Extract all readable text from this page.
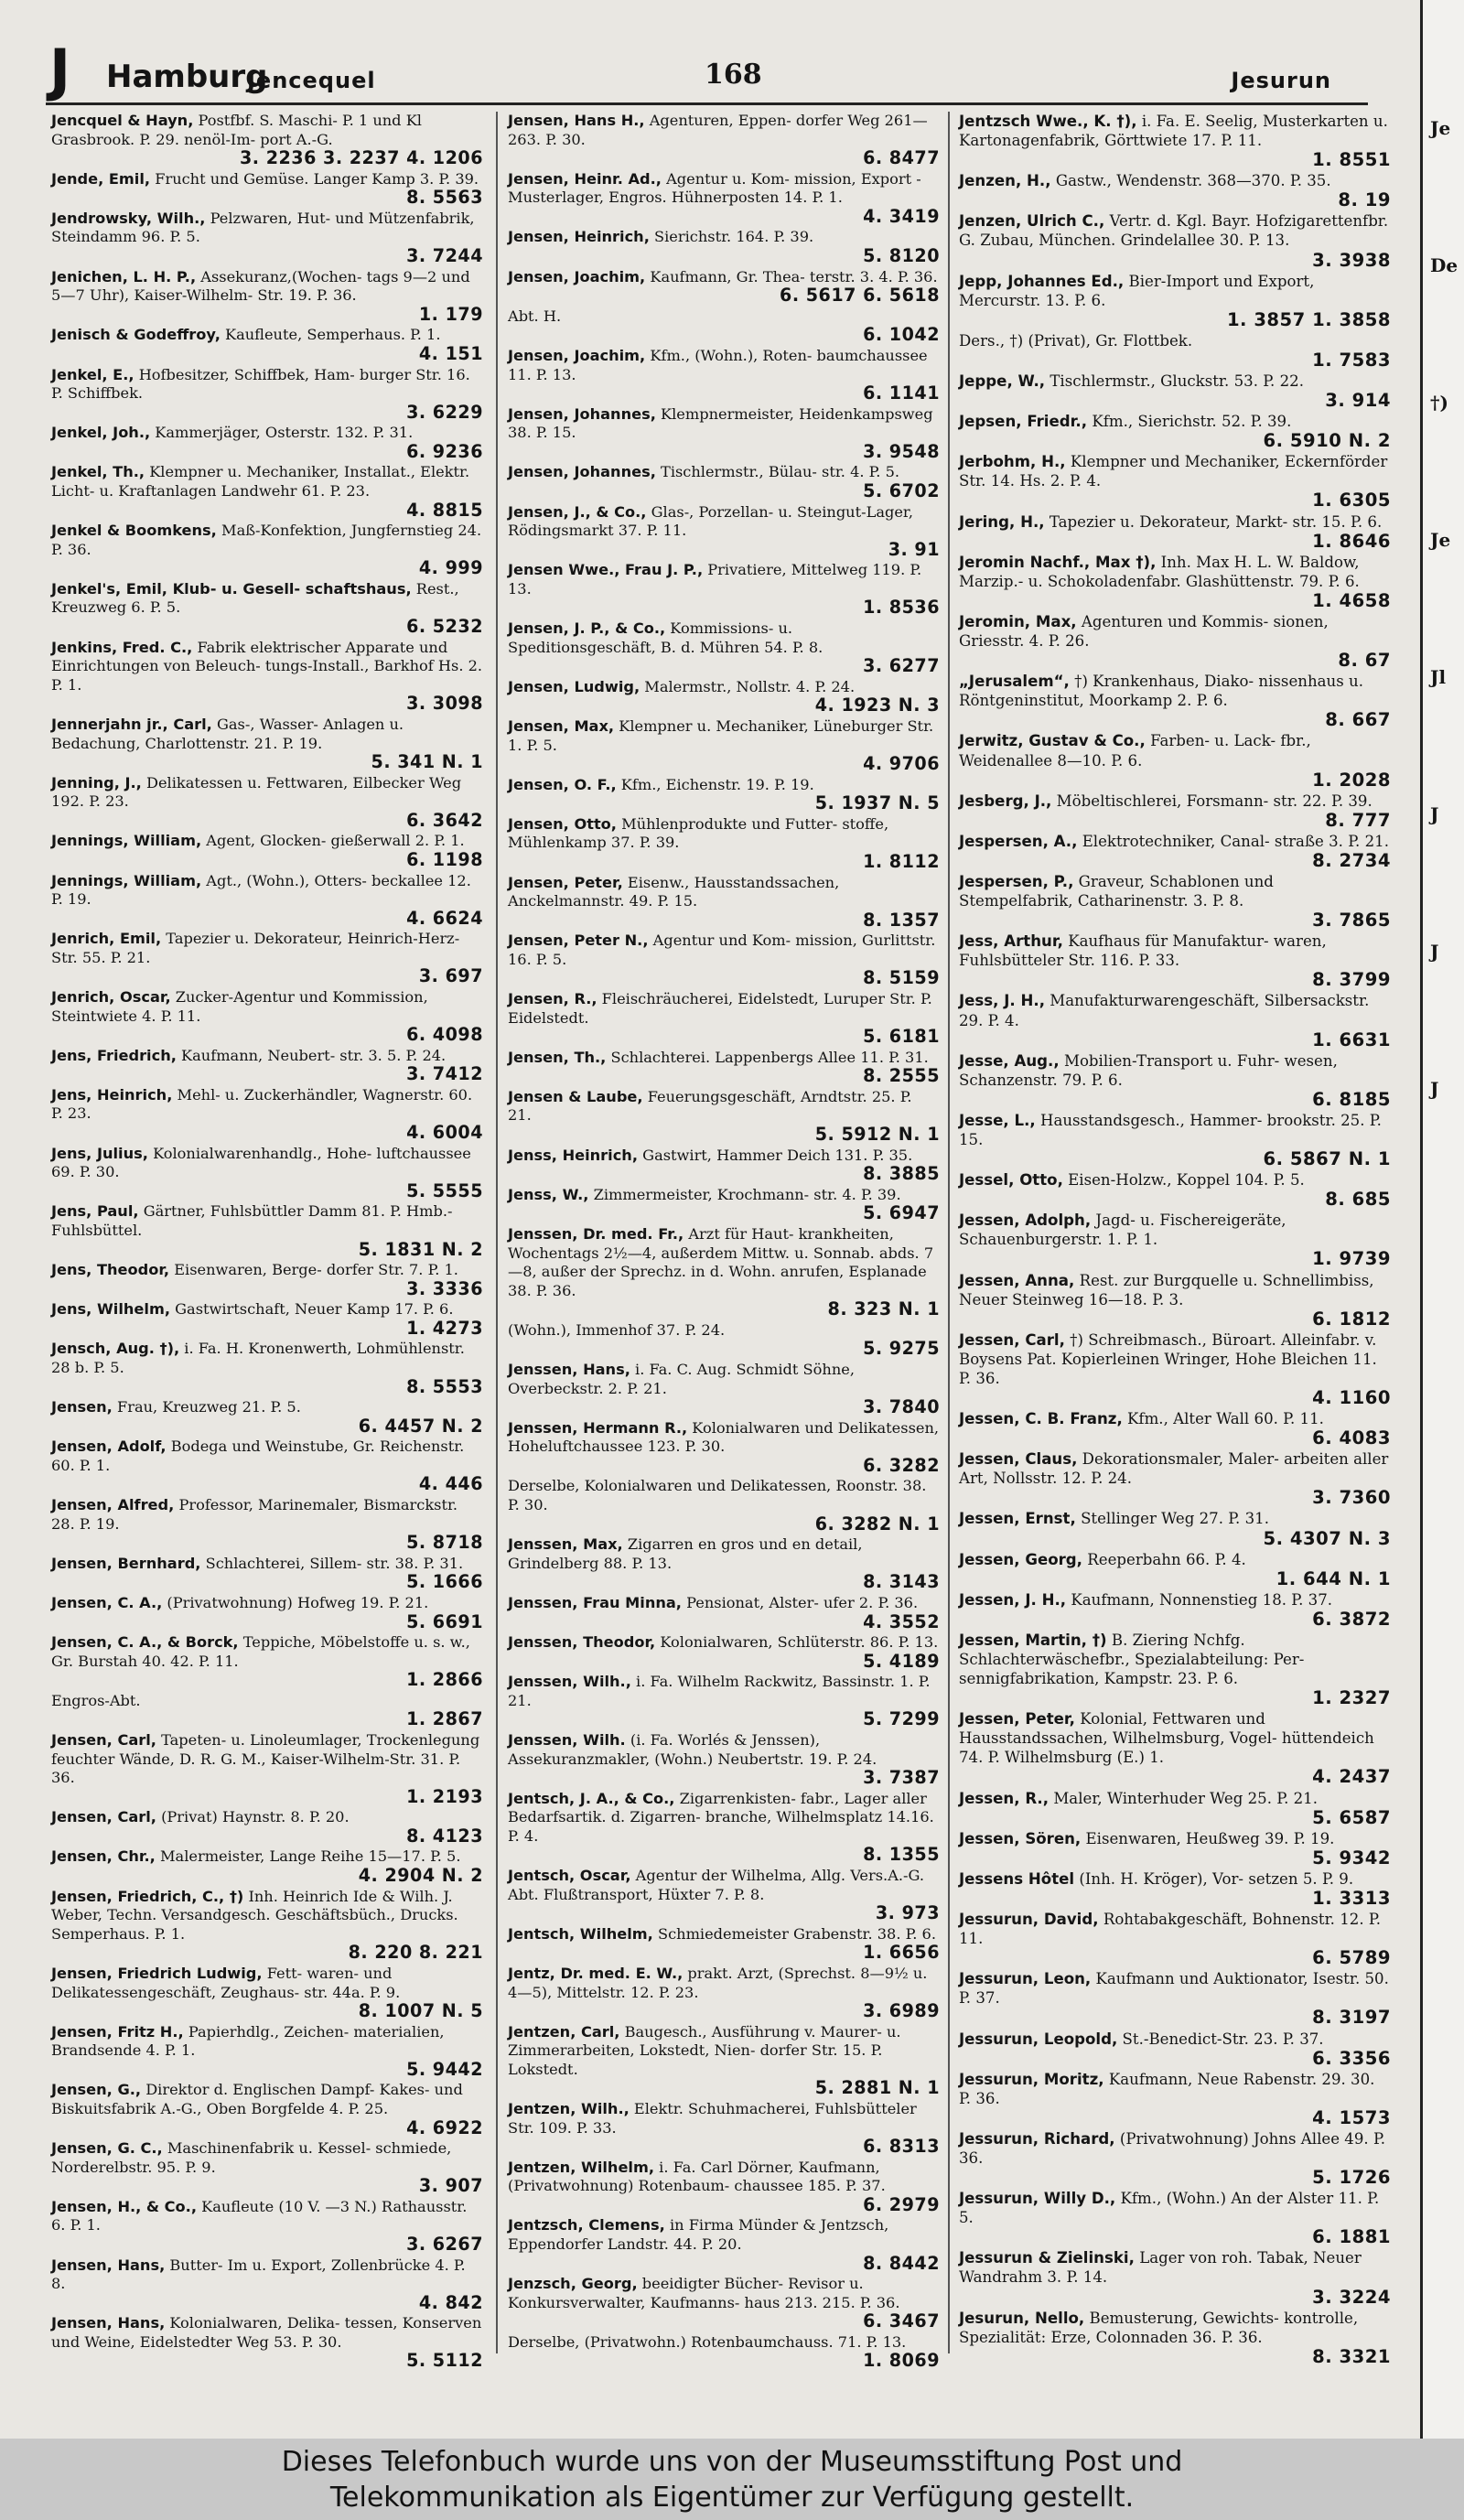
J Hamburg
Jencequel	168	Jesurun
Jencquel & Hayn, Postfbf. S. Maschi- P. 1 und Kl Grasbrook. P. 29. nenöl-Im- port A.-G.
3. 2236 3. 2237 4. 1206
Jende, Emil, Frucht und Gemüse. Langer Kamp 3. P. 39.
8. 5563
Jendrowsky, Wilh., Pelzwaren, Hut- und Mützenfabrik, Steindamm 96. P. 5.
3. 7244
Jenichen, L. H. P., Assekuranz,(Wochen- tags 9—2 und 5—7 Uhr), Kaiser-Wilhelm- Str. 19. P. 36.
1. 179
Jenisch & Godeffroy, Kaufleute, Semperhaus. P. 1.
4. 151
Jenkel, E., Hofbesitzer, Schiffbek, Ham- burger Str. 16. P. Schiffbek.
3. 6229
Jenkel, Joh., Kammerjäger, Osterstr. 132. P. 31.
6. 9236
Jenkel, Th., Klempner u. Mechaniker, Installat., Elektr. Licht- u. Kraftanlagen Landwehr 61. P. 23.
4. 8815
Jenkel & Boomkens, Maß-Konfektion, Jungfernstieg 24. P. 36.
4. 999
Jenkel's, Emil, Klub- u. Gesell- schaftshaus, Rest., Kreuzweg 6. P. 5.
6. 5232
Jenkins, Fred. C., Fabrik elektrischer Apparate und Einrichtungen von Beleuch- tungs-Install., Barkhof Hs. 2. P. 1.
3. 3098
Jennerjahn jr., Carl, Gas-, Wasser- Anlagen u. Bedachung, Charlottenstr. 21. P. 19.
5. 341 N. 1
Jenning, J., Delikatessen u. Fettwaren, Eilbecker Weg 192. P. 23.
6. 3642
Jennings, William, Agent, Glocken- gießerwall 2. P. 1.
6. 1198
Jennings, William, Agt., (Wohn.), Otters- beckallee 12. P. 19.
4. 6624
Jenrich, Emil, Tapezier u. Dekorateur, Heinrich-Herz-Str. 55. P. 21.
3. 697
Jenrich, Oscar, Zucker-Agentur und Kommission, Steintwiete 4. P. 11.
6. 4098
Jens, Friedrich, Kaufmann, Neubert- str. 3. 5. P. 24.
3. 7412
Jens, Heinrich, Mehl- u. Zuckerhändler, Wagnerstr. 60. P. 23.
4. 6004
Jens, Julius, Kolonialwarenhandlg., Hohe- luftchaussee 69. P. 30.
5. 5555
Jens, Paul, Gärtner, Fuhlsbüttler Damm 81. P. Hmb.-Fuhlsbüttel.
5. 1831 N. 2
Jens, Theodor, Eisenwaren, Berge- dorfer Str. 7. P. 1.
3. 3336
Jens, Wilhelm, Gastwirtschaft, Neuer Kamp 17. P. 6.
1. 4273
Jensch, Aug. †), i. Fa. H. Kronenwerth, Lohmühlenstr. 28 b. P. 5.
8. 5553
Jensen, Frau, Kreuzweg 21. P. 5.
6. 4457 N. 2
Jensen, Adolf, Bodega und Weinstube, Gr. Reichenstr. 60. P. 1.
4. 446
Jensen, Alfred, Professor, Marinemaler, Bismarckstr. 28. P. 19.
5. 8718
Jensen, Bernhard, Schlachterei, Sillem- str. 38. P. 31.
5. 1666
Jensen, C. A., (Privatwohnung) Hofweg 19. P. 21.
5. 6691
Jensen, C. A., & Borck, Teppiche, Möbelstoffe u. s. w., Gr. Burstah 40. 42. P. 11.
1. 2866
Engros-Abt.
1. 2867
Jensen, Carl, Tapeten- u. Linoleumlager, Trockenlegung feuchter Wände, D. R. G. M., Kaiser-Wilhelm-Str. 31. P. 36.
1. 2193
Jensen, Carl, (Privat) Haynstr. 8. P. 20.
8. 4123
Jensen, Chr., Malermeister, Lange Reihe 15—17. P. 5.
4. 2904 N. 2
Jensen, Friedrich, C., †) Inh. Heinrich Ide & Wilh. J. Weber, Techn. Versandgesch. Geschäftsbüch., Drucks. Semperhaus. P. 1.
8. 220 8. 221
Jensen, Friedrich Ludwig, Fett- waren- und Delikatessengeschäft, Zeughaus- str. 44a. P. 9.
8. 1007 N. 5
Jensen, Fritz H., Papierhdlg., Zeichen- materialien, Brandsende 4. P. 1.
5. 9442
Jensen, G., Direktor d. Englischen Dampf- Kakes- und Biskuitsfabrik A.-G., Oben Borgfelde 4. P. 25.
4. 6922
Jensen, G. C., Maschinenfabrik u. Kessel- schmiede, Norderelbstr. 95. P. 9.
3. 907
Jensen, H., & Co., Kaufleute (10 V. —3 N.) Rathausstr. 6. P. 1.
3. 6267
Jensen, Hans, Butter- Im u. Export, Zollenbrücke 4. P. 8.
4. 842
Jensen, Hans, Kolonialwaren, Delika- tessen, Konserven und Weine, Eidelstedter Weg 53. P. 30.
5. 5112
Jensen, Hans H., Agenturen, Eppen- dorfer Weg 261—263. P. 30.
6. 8477
Jensen, Heinr. Ad., Agentur u. Kom- mission, Export - Musterlager, Engros. Hühnerposten 14. P. 1.
4. 3419
Jensen, Heinrich, Sierichstr. 164. P. 39.
5. 8120
Jensen, Joachim, Kaufmann, Gr. Thea- terstr. 3. 4. P. 36.
6. 5617 6. 5618
Abt. H.
6. 1042
Jensen, Joachim, Kfm., (Wohn.), Roten- baumchaussee 11. P. 13.
6. 1141
Jensen, Johannes, Klempnermeister, Heidenkampsweg 38. P. 15.
3. 9548
Jensen, Johannes, Tischlermstr., Bülau- str. 4. P. 5.
5. 6702
Jensen, J., & Co., Glas-, Porzellan- u. Steingut-Lager, Rödingsmarkt 37. P. 11.
3. 91
Jensen Wwe., Frau J. P., Privatiere, Mittelweg 119. P. 13.
1. 8536
Jensen, J. P., & Co., Kommissions- u. Speditionsgeschäft, B. d. Mühren 54. P. 8.
3. 6277
Jensen, Ludwig, Malermstr., Nollstr. 4. P. 24.
4. 1923 N. 3
Jensen, Max, Klempner u. Mechaniker, Lüneburger Str. 1. P. 5.
4. 9706
Jensen, O. F., Kfm., Eichenstr. 19. P. 19.
5. 1937 N. 5
Jensen, Otto, Mühlenprodukte und Futter- stoffe, Mühlenkamp 37. P. 39.
1. 8112
Jensen, Peter, Eisenw., Hausstandssachen, Anckelmannstr. 49. P. 15.
8. 1357
Jensen, Peter N., Agentur und Kom- mission, Gurlittstr. 16. P. 5.
8. 5159
Jensen, R., Fleischräucherei, Eidelstedt, Luruper Str. P. Eidelstedt.
5. 6181
Jensen, Th., Schlachterei. Lappenbergs Allee 11. P. 31.
8. 2555
Jensen & Laube, Feuerungsgeschäft, Arndtstr. 25. P. 21.
5. 5912 N. 1
Jenss, Heinrich, Gastwirt, Hammer Deich 131. P. 35.
8. 3885
Jenss, W., Zimmermeister, Krochmann- str. 4. P. 39.
5. 6947
Jenssen, Dr. med. Fr., Arzt für Haut- krankheiten, Wochentags 2½—4, außerdem Mittw. u. Sonnab. abds. 7—8, außer der Sprechz. in d. Wohn. anrufen, Esplanade 38. P. 36.
8. 323 N. 1
(Wohn.), Immenhof 37. P. 24.
5. 9275
Jenssen, Hans, i. Fa. C. Aug. Schmidt Söhne, Overbeckstr. 2. P. 21.
3. 7840
Jenssen, Hermann R., Kolonialwaren und Delikatessen, Hoheluftchaussee 123. P. 30.
6. 3282
Derselbe, Kolonialwaren und Delikatessen, Roonstr. 38. P. 30.
6. 3282 N. 1
Jenssen, Max, Zigarren en gros und en detail, Grindelberg 88. P. 13.
8. 3143
Jenssen, Frau Minna, Pensionat, Alster- ufer 2. P. 36.
4. 3552
Jenssen, Theodor, Kolonialwaren, Schlüterstr. 86. P. 13.
5. 4189
Jenssen, Wilh., i. Fa. Wilhelm Rackwitz, Bassinstr. 1. P. 21.
5. 7299
Jenssen, Wilh. (i. Fa. Worlés & Jenssen), Assekuranzmakler, (Wohn.) Neubertstr. 19. P. 24.
3. 7387
Jentsch, J. A., & Co., Zigarrenkisten- fabr., Lager aller Bedarfsartik. d. Zigarren- branche, Wilhelmsplatz 14.16. P. 4.
8. 1355
Jentsch, Oscar, Agentur der Wilhelma, Allg. Vers.A.-G. Abt. Flußtransport, Hüxter 7. P. 8.
3. 973
Jentsch, Wilhelm, Schmiedemeister Grabenstr. 38. P. 6.
1. 6656
Jentz, Dr. med. E. W., prakt. Arzt, (Sprechst. 8—9½ u. 4—5), Mittelstr. 12. P. 23.
3. 6989
Jentzen, Carl, Baugesch., Ausführung v. Maurer- u. Zimmerarbeiten, Lokstedt, Nien- dorfer Str. 15. P. Lokstedt.
5. 2881 N. 1
Jentzen, Wilh., Elektr. Schuhmacherei, Fuhlsbütteler Str. 109. P. 33.
6. 8313
Jentzen, Wilhelm, i. Fa. Carl Dörner, Kaufmann, (Privatwohnung) Rotenbaum- chaussee 185. P. 37.
6. 2979
Jentzsch, Clemens, in Firma Münder & Jentzsch, Eppendorfer Landstr. 44. P. 20.
8. 8442
Jenzsch, Georg, beeidigter Bücher- Revisor u. Konkursverwalter, Kaufmanns- haus 213. 215. P. 36.
6. 3467
Derselbe, (Privatwohn.) Rotenbaumchauss. 71. P. 13.
1. 8069
Jentzsch Wwe., K. †), i. Fa. E. Seelig, Musterkarten u. Kartonagenfabrik, Görttwiete 17. P. 11.
1. 8551
Jenzen, H., Gastw., Wendenstr. 368—370. P. 35.
8. 19
Jenzen, Ulrich C., Vertr. d. Kgl. Bayr. Hofzigarettenfbr. G. Zubau, München. Grindelallee 30. P. 13.
3. 3938
Jepp, Johannes Ed., Bier-Import und Export, Mercurstr. 13. P. 6.
1. 3857 1. 3858
Ders., †) (Privat), Gr. Flottbek.
1. 7583
Jeppe, W., Tischlermstr., Gluckstr. 53. P. 22.
3. 914
Jepsen, Friedr., Kfm., Sierichstr. 52. P. 39.
6. 5910 N. 2
Jerbohm, H., Klempner und Mechaniker, Eckernförder Str. 14. Hs. 2. P. 4.
1. 6305
Jering, H., Tapezier u. Dekorateur, Markt- str. 15. P. 6.
1. 8646
Jeromin Nachf., Max †), Inh. Max H. L. W. Baldow, Marzip.- u. Schokoladenfabr. Glashüttenstr. 79. P. 6.
1. 4658
Jeromin, Max, Agenturen und Kommis- sionen, Griesstr. 4. P. 26.
8. 67
„Jerusalem“, †) Krankenhaus, Diako- nissenhaus u. Röntgeninstitut, Moorkamp 2. P. 6.
8. 667
Jerwitz, Gustav & Co., Farben- u. Lack- fbr., Weidenallee 8—10. P. 6.
1. 2028
Jesberg, J., Möbeltischlerei, Forsmann- str. 22. P. 39.
8. 777
Jespersen, A., Elektrotechniker, Canal- straße 3. P. 21.
8. 2734
Jespersen, P., Graveur, Schablonen und Stempelfabrik, Catharinenstr. 3. P. 8.
3. 7865
Jess, Arthur, Kaufhaus für Manufaktur- waren, Fuhlsbütteler Str. 116. P. 33.
8. 3799
Jess, J. H., Manufakturwarengeschäft, Silbersackstr. 29. P. 4.
1. 6631
Jesse, Aug., Mobilien-Transport u. Fuhr- wesen, Schanzenstr. 79. P. 6.
6. 8185
Jesse, L., Hausstandsgesch., Hammer- brookstr. 25. P. 15.
6. 5867 N. 1
Jessel, Otto, Eisen-Holzw., Koppel 104. P. 5.
8. 685
Jessen, Adolph, Jagd- u. Fischereigeräte, Schauenburgerstr. 1. P. 1.
1. 9739
Jessen, Anna, Rest. zur Burgquelle u. Schnellimbiss, Neuer Steinweg 16—18. P. 3.
6. 1812
Jessen, Carl, †) Schreibmasch., Büroart. Alleinfabr. v. Boysens Pat. Kopierleinen Wringer, Hohe Bleichen 11. P. 36.
4. 1160
Jessen, C. B. Franz, Kfm., Alter Wall 60. P. 11.
6. 4083
Jessen, Claus, Dekorationsmaler, Maler- arbeiten aller Art, Nollsstr. 12. P. 24.
3. 7360
Jessen, Ernst, Stellinger Weg 27. P. 31.
5. 4307 N. 3
Jessen, Georg, Reeperbahn 66. P. 4.
1. 644 N. 1
Jessen, J. H., Kaufmann, Nonnenstieg 18. P. 37.
6. 3872
Jessen, Martin, †) B. Ziering Nchfg. Schlachterwäschefbr., Spezialabteilung: Per- sennigfabrikation, Kampstr. 23. P. 6.
1. 2327
Jessen, Peter, Kolonial, Fettwaren und Hausstandssachen, Wilhelmsburg, Vogel- hüttendeich 74. P. Wilhelmsburg (E.) 1.
4. 2437
Jessen, R., Maler, Winterhuder Weg 25. P. 21.
5. 6587
Jessen, Sören, Eisenwaren, Heußweg 39. P. 19.
5. 9342
Jessens Hôtel (Inh. H. Kröger), Vor- setzen 5. P. 9.
1. 3313
Jessurun, David, Rohtabakgeschäft, Bohnenstr. 12. P. 11.
6. 5789
Jessurun, Leon, Kaufmann und Auktionator, Isestr. 50. P. 37.
8. 3197
Jessurun, Leopold, St.-Benedict-Str. 23. P. 37.
6. 3356
Jessurun, Moritz, Kaufmann, Neue Rabenstr. 29. 30. P. 36.
4. 1573
Jessurun, Richard, (Privatwohnung) Johns Allee 49. P. 36.
5. 1726
Jessurun, Willy D., Kfm., (Wohn.) An der Alster 11. P. 5.
6. 1881
Jessurun & Zielinski, Lager von roh. Tabak, Neuer Wandrahm 3. P. 14.
3. 3224
Jesurun, Nello, Bemusterung, Gewichts- kontrolle, Spezialität: Erze, Colonnaden 36. P. 36.
8. 3321
Je
De
†)
Je
Jl
J
J
J
Dieses Telefonbuch wurde uns von der Museumsstiftung Post und
Telekommunikation als Eigentümer zur Verfügung gestellt.
